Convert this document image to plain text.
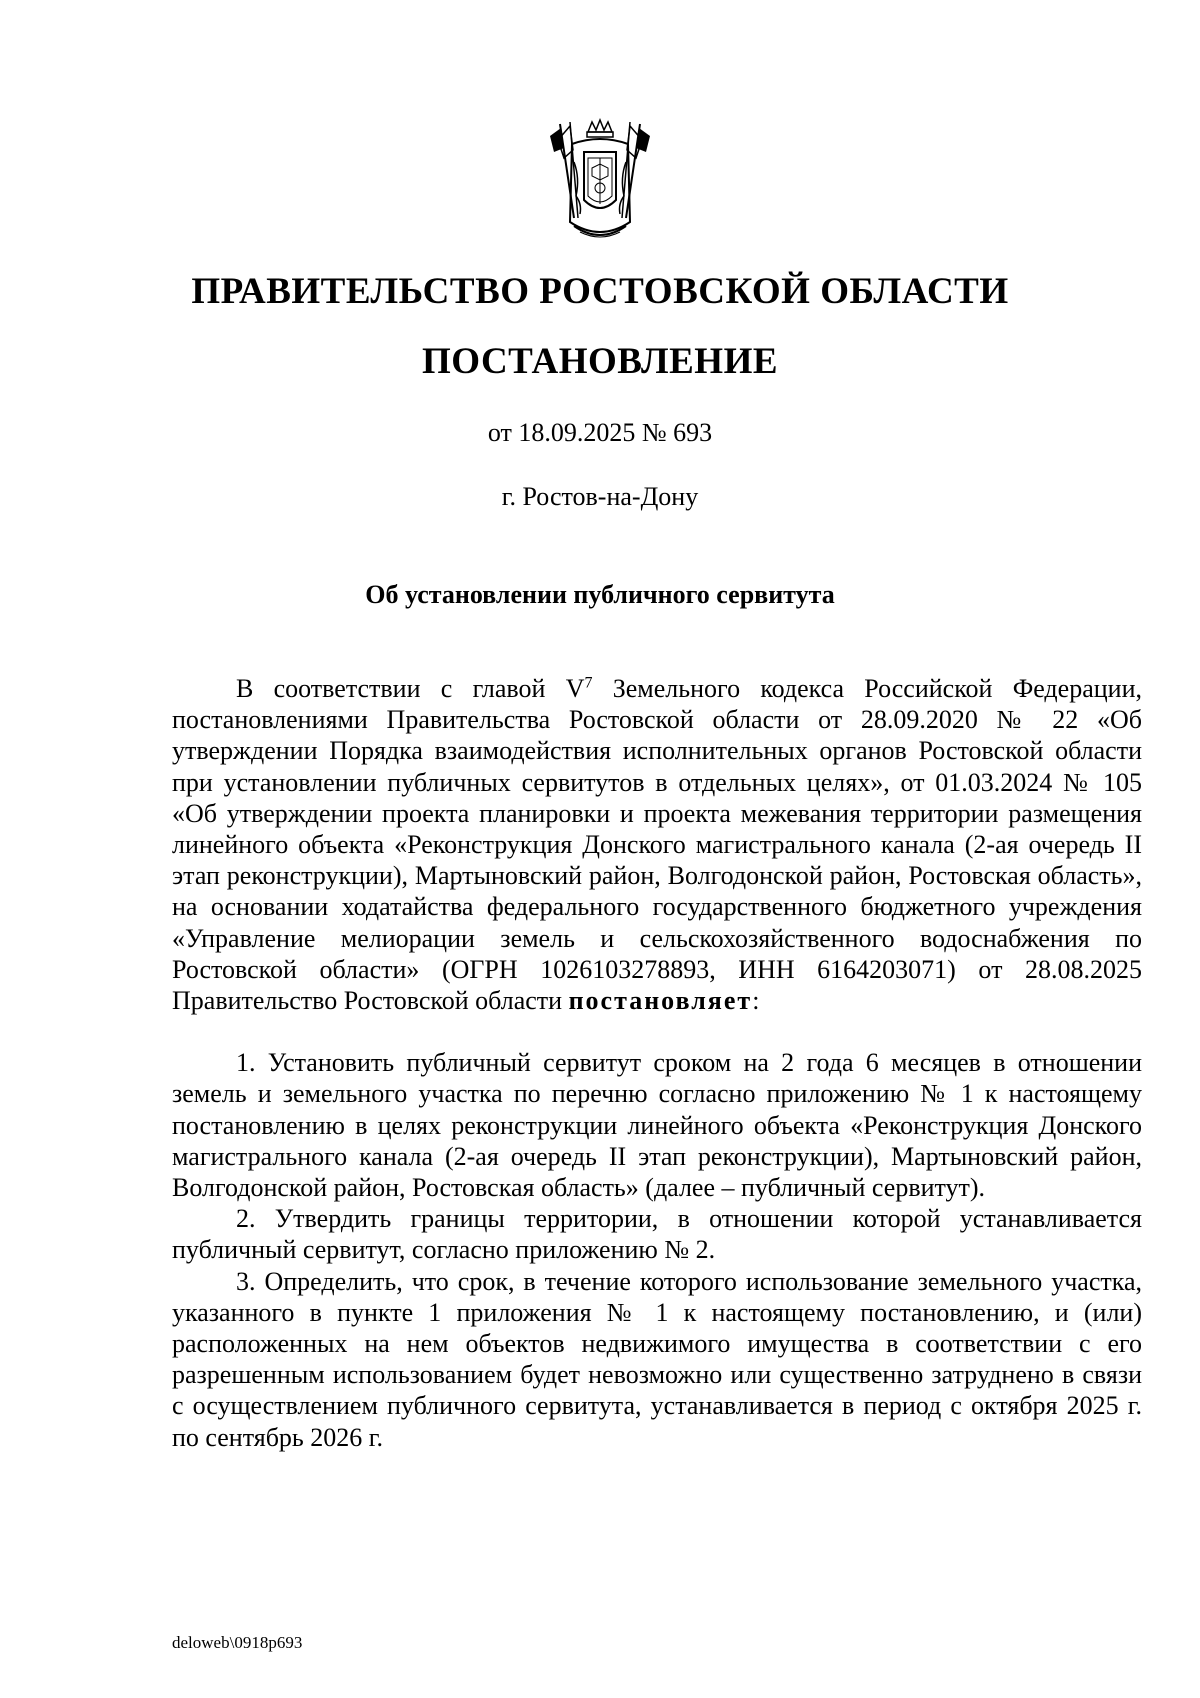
ПРАВИТЕЛЬСТВО РОСТОВСКОЙ ОБЛАСТИ
ПОСТАНОВЛЕНИЕ
от 18.09.2025 № 693
г. Ростов-на-Дону
Об установлении публичного сервитута

В соответствии с главой $V^7$ Земельного кодекса Российской Федерации, постановлениями Правительства Ростовской области от 28.09.2020 № 22 «Об утверждении Порядка взаимодействия исполнительных органов Ростовской области при установлении публичных сервитутов в отдельных целях», от 01.03.2024 № 105 «Об утверждении проекта планировки и проекта межевания территории размещения линейного объекта «Реконструкция Донского магистрального канала (2-ая очередь II этап реконструкции), Мартыновский район, Волгодонской район, Ростовская область», на основании ходатайства федерального государственного бюджетного учреждения «Управление мелиорации земель и сельскохозяйственного водоснабжения по Ростовской области» (ОГРН 1026103278893, ИНН 6164203071) от 28.08.2025 Правительство Ростовской области постановляет:

1. Установить публичный сервитут сроком на 2 года 6 месяцев в отношении земель и земельного участка по перечню согласно приложению № 1 к настоящему постановлению в целях реконструкции линейного объекта «Реконструкция Донского магистрального канала (2-ая очередь II этап реконструкции), Мартыновский район, Волгодонской район, Ростовская область» (далее – публичный сервитут).

2. Утвердить границы территории, в отношении которой устанавливается публичный сервитут, согласно приложению № 2.

3. Определить, что срок, в течение которого использование земельного участка, указанного в пункте 1 приложения № 1 к настоящему постановлению, и (или) расположенных на нем объектов недвижимого имущества в соответствии с его разрешенным использованием будет невозможно или существенно затруднено в связи с осуществлением публичного сервитута, устанавливается в период с октября 2025 г. по сентябрь 2026 г.

deloweb\0918p693
